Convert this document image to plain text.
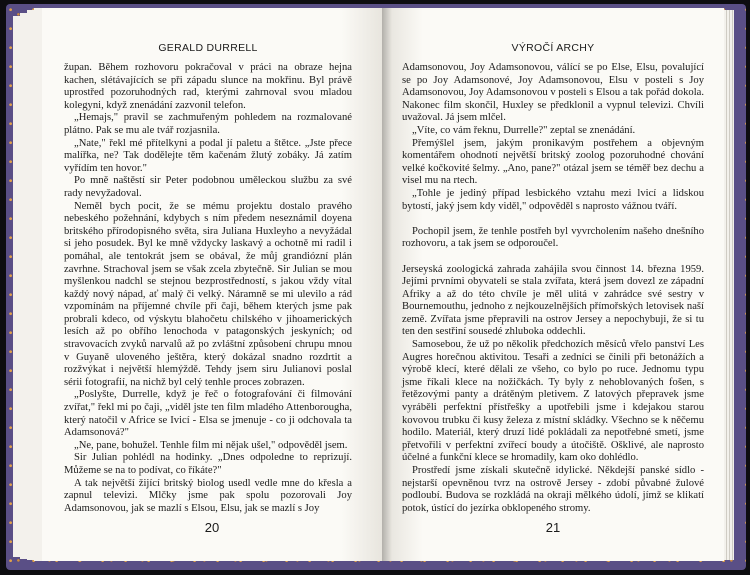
GERALD DURRELL

župan. Během rozhovoru pokračoval v práci na obraze hejna kachen, slétávajících se při západu slunce na mokřinu. Byl právě uprostřed pozoruhodných rad, kterými zahrnoval svou mladou kolegyni, když znenádání zazvonil telefon.

„Hemajs," pravil se zachmuřeným pohledem na rozmalované plátno. Pak se mu ale tvář rozjasnila.

„Nate," řekl mé přítelkyni a podal jí paletu a štětce. „Jste přece malířka, ne? Tak dodělejte těm kačenám žlutý zobáky. Já zatím vyřídím ten hovor."

Po mně naštěstí sir Peter podobnou uměleckou službu za své rady nevyžadoval.

Neměl bych pocit, že se mému projektu dostalo pravého nebeského požehnání, kdybych s ním předem neseznámil doyena britského přírodopisného světa, sira Juliana Huxleyho a nevyžádal si jeho posudek. Byl ke mně vždycky laskavý a ochotně mi radil i pomáhal, ale tentokrát jsem se obával, že můj grandiózní plán zavrhne. Strachoval jsem se však zcela zbytečně. Sir Julian se mou myšlenkou nadchl se stejnou bezprostředností, s jakou vždy vítal každý nový nápad, ať malý či velký. Náramně se mi ulevilo a rád vzpomínám na příjemné chvíle při čaji, během kterých jsme pak probrali kdeco, od výskytu blahočetu chilského v jihoamerických lesích až po obřího lenochoda v patagonských jeskyních; od stravovacích zvyků narvalů až po zvláštní způsobení chrupu mnou v Guyaně uloveného ještěra, který dokázal snadno rozdrtit a rozžvýkat i největší hlemýždě. Tehdy jsem siru Julianovi poslal sérii fotografií, na nichž byl celý tenhle proces zobrazen.

„Poslyšte, Durrelle, když je řeč o fotografování či filmování zvířat," řekl mi po čaji, „viděl jste ten film mladého Attenborougha, který natočil v Africe se Ivicí - Elsa se jmenuje - co ji odchovala ta Adamsonová?"

„Ne, pane, bohužel. Tenhle film mi nějak ušel," odpověděl jsem.

Sir Julian pohlédl na hodinky. „Dnes odpoledne to reprizují. Můžeme se na to podívat, co říkáte?"

A tak největší žijící britský biolog usedl vedle mne do křesla a zapnul televizi. Mlčky jsme pak spolu pozorovali Joy Adamsonovou, jak se mazlí s Elsou, Elsu, jak se mazlí s Joy

20
VÝROČÍ ARCHY

Adamsonovou, Joy Adamsonovou, válící se po Else, Elsu, povalující se po Joy Adamsonové, Joy Adamsonovou, Elsu v posteli s Joy Adamsonovou, Joy Adamsonovou v posteli s Elsou a tak pořád dokola. Nakonec film skončil, Huxley se předklonil a vypnul televizi. Chvíli uvažoval. Já jsem mlčel.

„Víte, co vám řeknu, Durrelle?" zeptal se znenádání.

Přemýšlel jsem, jakým pronikavým postřehem a objevným komentářem ohodnotí největší britský zoolog pozoruhodné chování velké kočkovité šelmy. „Ano, pane?" otázal jsem se téměř bez dechu a visel mu na rtech.

„Tohle je jediný případ lesbického vztahu mezi lvicí a lidskou bytostí, jaký jsem kdy viděl," odpověděl s naprosto vážnou tváří.

Pochopil jsem, že tenhle postřeh byl vyvrcholením našeho dnešního rozhovoru, a tak jsem se odporoučel.

Jerseyská zoologická zahrada zahájila svou činnost 14. března 1959. Jejími prvními obyvateli se stala zvířata, která jsem dovezl ze západní Afriky a až do této chvíle je měl ulitá v zahrádce své sestry v Bournemouthu, jednoho z nejkouzelnějších přímořských letovisek naší země. Zvířata jsme přepravili na ostrov Jersey a nepochybuji, že si tu ten den sestřiní sousedé zhluboka oddechli.

Samosebou, že už po několik předchozích měsíců vřelo panství Les Augres horečnou aktivitou. Tesaři a zedníci se činili při betonážích a výrobě klecí, které dělali ze všeho, co bylo po ruce. Jednomu typu jsme říkali klece na nožičkách. Ty byly z nehoblovaných fošen, s řetězovými panty a drátěným pletivem. Z latových přepravek jsme vyráběli perfektní přístřešky a upotřebili jsme i kdejakou starou kovovou trubku či kusy železa z místní skládky. Všechno se k něčemu hodilo. Materiál, který druzí lidé pokládali za nepotřebné smetí, jsme přetvořili v perfektní zvířecí boudy a útočiště. Ošklivé, ale naprosto účelné a funkční klece se hromadily, kam oko dohlédlo.

Prostředí jsme získali skutečně idylické. Někdejší panské sídlo - nejstarší opevněnou tvrz na ostrově Jersey - zdobí půvabné žulové podloubí. Budova se rozkládá na okraji mělkého údolí, jímž se klikatí potok, ústící do jezírka obklopeného stromy.

21
